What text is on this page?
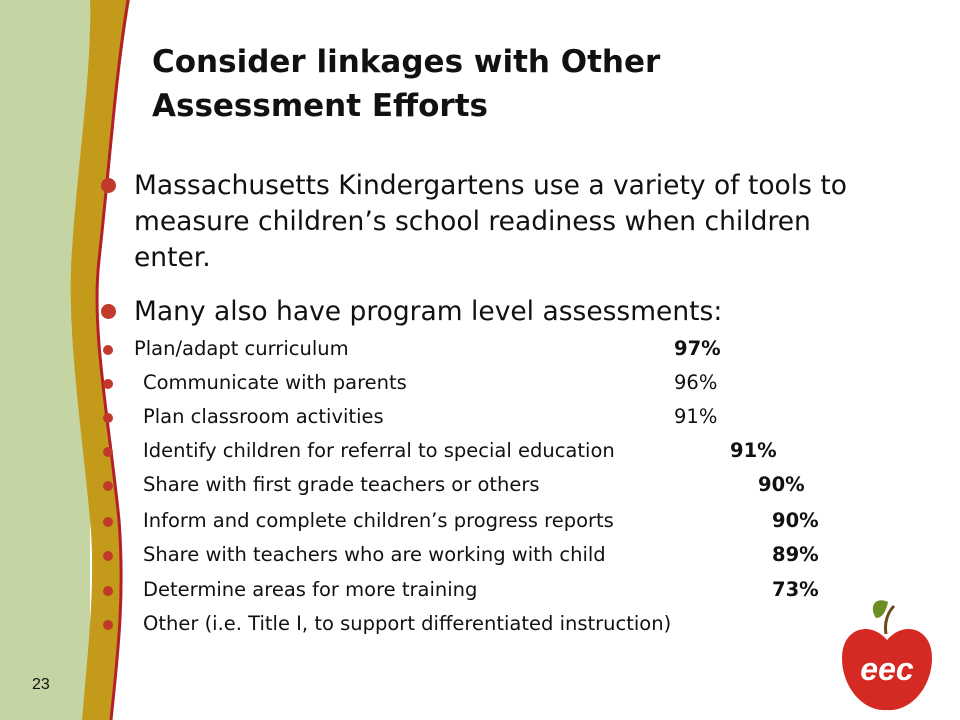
eec
Consider linkages with Other
Assessment Efforts
Massachusetts Kindergartens use a variety of tools to measure children’s school readiness when children enter.
Many also have program level assessments:
Plan/adapt curriculum	97%
Communicate with parents	96%
Plan classroom activities	91%
Identify children for referral to special education	91%
Share with first grade teachers or others	90%
Inform and complete children’s progress reports	90%
Share with teachers who are working with child	89%
Determine areas for more training	73%
Other (i.e. Title I, to support differentiated instruction)
23
